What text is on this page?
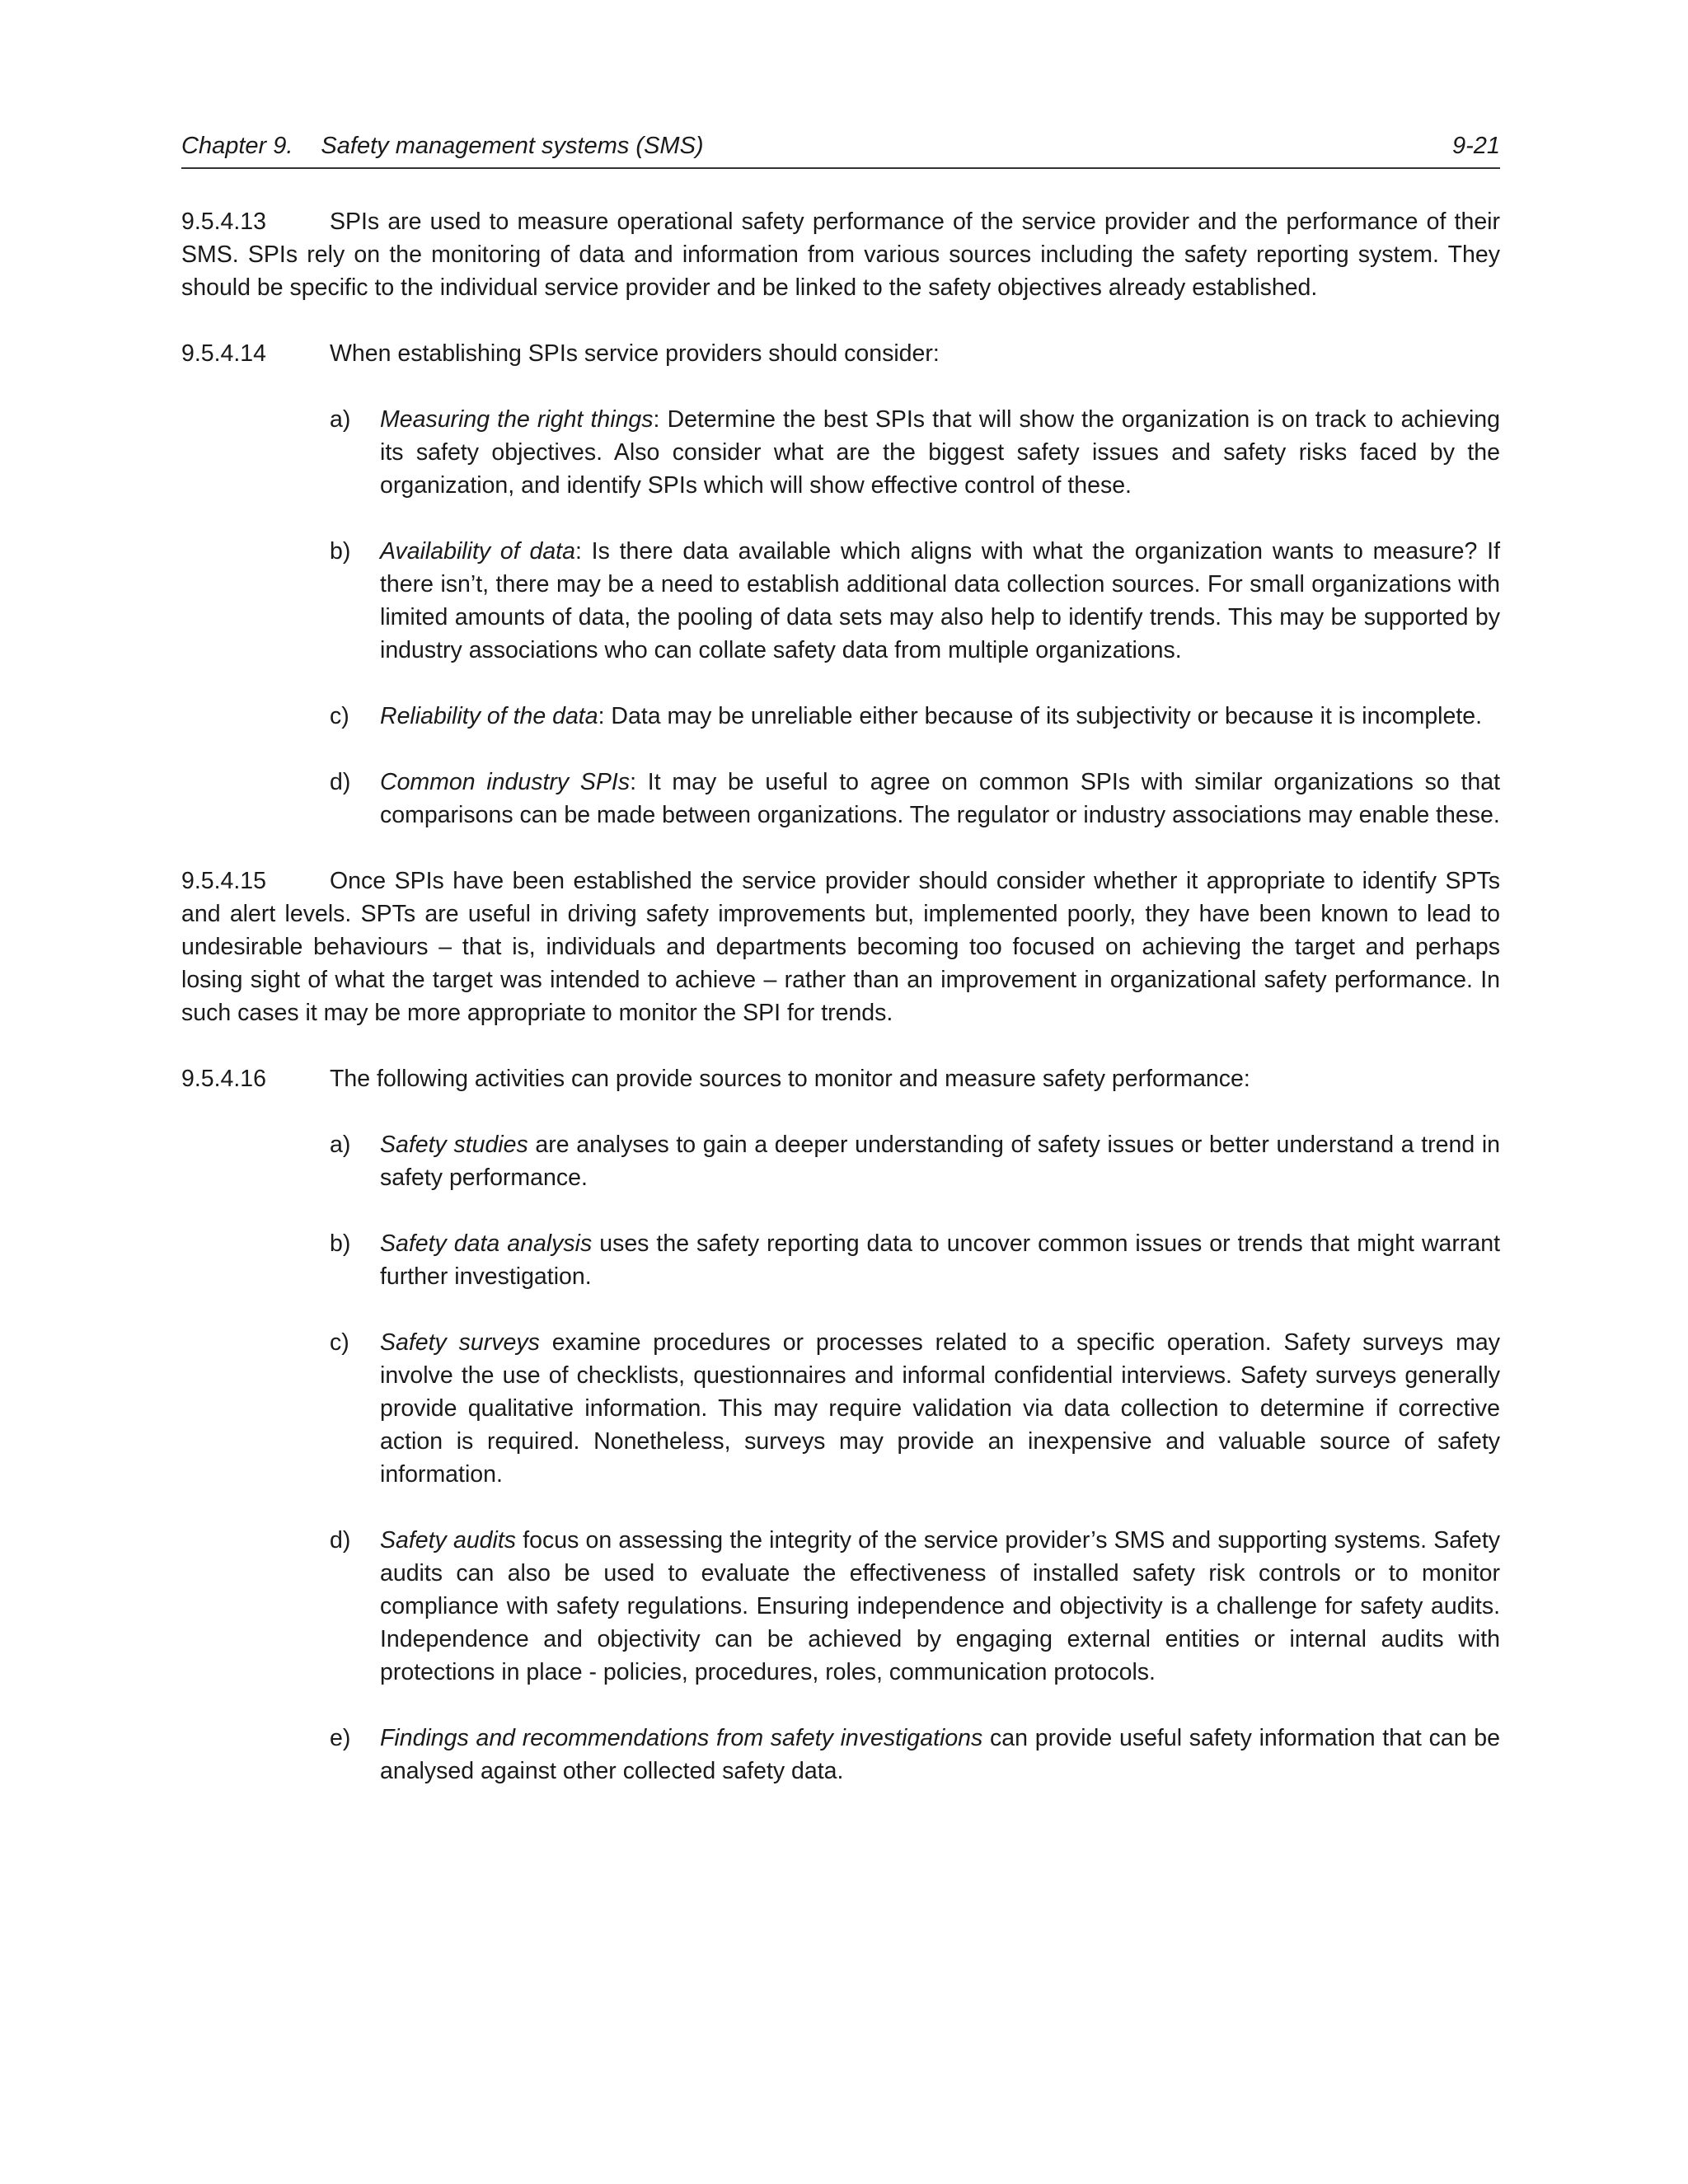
Chapter 9. Safety management systems (SMS)	9-21

9.5.4.13	SPIs are used to measure operational safety performance of the service provider and the performance of their SMS. SPIs rely on the monitoring of data and information from various sources including the safety reporting system. They should be specific to the individual service provider and be linked to the safety objectives already established.

9.5.4.14	When establishing SPIs service providers should consider:

a) Measuring the right things: Determine the best SPIs that will show the organization is on track to achieving its safety objectives. Also consider what are the biggest safety issues and safety risks faced by the organization, and identify SPIs which will show effective control of these.
b) Availability of data: Is there data available which aligns with what the organization wants to measure? If there isn’t, there may be a need to establish additional data collection sources. For small organizations with limited amounts of data, the pooling of data sets may also help to identify trends. This may be supported by industry associations who can collate safety data from multiple organizations.
c) Reliability of the data: Data may be unreliable either because of its subjectivity or because it is incomplete.
d) Common industry SPIs: It may be useful to agree on common SPIs with similar organizations so that comparisons can be made between organizations. The regulator or industry associations may enable these.

9.5.4.15	Once SPIs have been established the service provider should consider whether it appropriate to identify SPTs and alert levels. SPTs are useful in driving safety improvements but, implemented poorly, they have been known to lead to undesirable behaviours – that is, individuals and departments becoming too focused on achieving the target and perhaps losing sight of what the target was intended to achieve – rather than an improvement in organizational safety performance. In such cases it may be more appropriate to monitor the SPI for trends.

9.5.4.16	The following activities can provide sources to monitor and measure safety performance:

a) Safety studies are analyses to gain a deeper understanding of safety issues or better understand a trend in safety performance.
b) Safety data analysis uses the safety reporting data to uncover common issues or trends that might warrant further investigation.
c) Safety surveys examine procedures or processes related to a specific operation. Safety surveys may involve the use of checklists, questionnaires and informal confidential interviews. Safety surveys generally provide qualitative information. This may require validation via data collection to determine if corrective action is required. Nonetheless, surveys may provide an inexpensive and valuable source of safety information.
d) Safety audits focus on assessing the integrity of the service provider’s SMS and supporting systems. Safety audits can also be used to evaluate the effectiveness of installed safety risk controls or to monitor compliance with safety regulations. Ensuring independence and objectivity is a challenge for safety audits. Independence and objectivity can be achieved by engaging external entities or internal audits with protections in place - policies, procedures, roles, communication protocols.
e) Findings and recommendations from safety investigations can provide useful safety information that can be analysed against other collected safety data.
